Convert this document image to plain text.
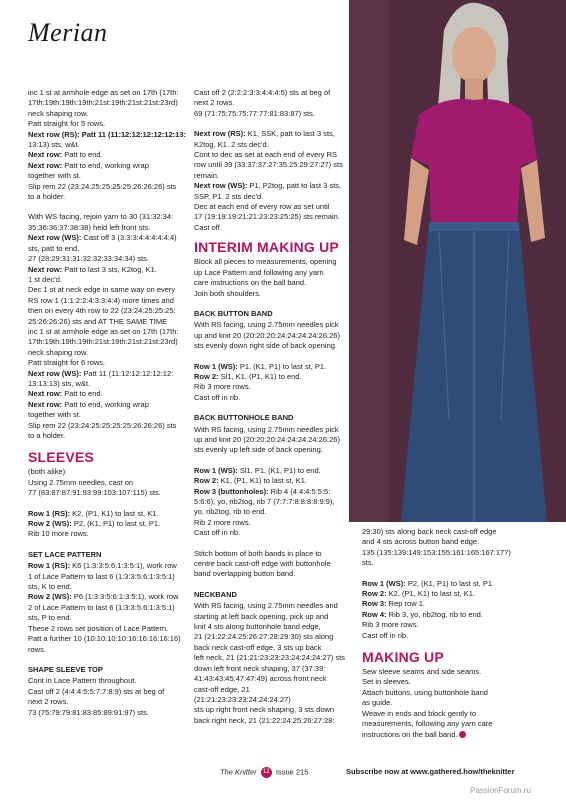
Merian

inc 1 st at armhole edge as set on 17th (17th:

17th:19th:19th:19th:21st:19th:21st:21st:23rd)

neck shaping row.

Patt straight for 5 rows.

Next row (RS): Patt 11 (11:12:12:12:12:12:13:

13:13) sts, w&t.

Next row: Patt to end.

Next row: Patt to end, working wrap

together with st.

Slip rem 22 (23:24:25:25:25:25:26:26:26) sts

to a holder.

With WS facing, rejoin yarn to 30 (31:32:34:

35:36:36:37:38:38) held left front sts.

Next row (WS): Cast off 3 (3:3:3:4:4:4:4:4:4)

sts, patt to end.

27 (28:29:31:31:32:32:33:34:34) sts.

Next row: Patt to last 3 sts, K2tog, K1.

1 st dec'd.

Dec 1 st at neck edge in same way on every

RS row 1 (1:1:2:2:4:3:3:4:4) more times and

then on every 4th row to 22 (23:24:25:25:25:

25:26:26:26) sts and AT THE SAME TIME

inc 1 st at armhole edge as set on 17th (17th:

17th:19th:19th:19th:21st:19th:21st:21st:23rd)

neck shaping row.

Patt straight for 6 rows.

Next row (WS): Patt 11 (11:12:12:12:12:12:

13:13:13) sts, w&t.

Next row: Patt to end.

Next row: Patt to end, working wrap

together with st.

Slip rem 22 (23:24:25:25:25:25:26:26:26) sts

to a holder.

SLEEVES

(both alike)

Using 2.75mm needles, cast on

77 (83:87:87:91:93:99:103:107:115) sts.

Row 1 (RS): K2, (P1, K1) to last st, K1.

Row 2 (WS): P2, (K1, P1) to last st, P1.

Rib 10 more rows.

SET LACE PATTERN

Row 1 (RS): K6 (1:3:3:5:6:1:3:5:1), work row

1 of Lace Pattern to last 6 (1:3:3:5:6:1:3:5:1)

sts, K to end.

Row 2 (WS): P6 (1:3:3:5:6:1:3:5:1), work row

2 of Lace Pattern to last 6 (1:3:3:5:6:1:3:5:1)

sts, P to end.

These 2 rows set position of Lace Pattern.

Patt a further 10 (10:10:10:10:16:16:16:16:16)

rows.

SHAPE SLEEVE TOP

Cont in Lace Pattern throughout.

Cast off 2 (4:4:4:5:5:7:7:8:9) sts at beg of

next 2 rows.

73 (75:79:79:81:83:85:89:91:97) sts.

Cast off 2 (2:2:2:3:3:4:4:4:5) sts at beg of

next 2 rows.

69 (71:75:75:75:77:77:81:83:87) sts.

Next row (RS): K1, SSK, patt to last 3 sts,

K2tog, K1. 2 sts dec'd.

Cont to dec as set at each end of every RS

row until 39 (33:37:37:27:35:25:29:27:27) sts

remain.

Next row (WS): P1, P2tog, patt to last 3 sts,

SSP, P1. 2 sts dec'd.

Dec at each end of every row as set until

17 (19:19:19:21:21:23:23:25:25) sts remain.

Cast off.

INTERIM MAKING UP

Block all pieces to measurements, opening

up Lace Pattern and following any yarn

care instructions on the ball band.

Join both shoulders.

BACK BUTTON BAND

With RS facing, using 2.75mm needles pick

up and knit 20 (20:20:20:24:24:24:24:26:26)

sts evenly down right side of back opening.

Row 1 (WS): P1, (K1, P1) to last st, P1.

Row 2: Sl1, K1, (P1, K1) to end.

Rib 3 more rows.

Cast off in rib.

BACK BUTTONHOLE BAND

With RS facing, using 2.75mm needles pick

up and knit 20 (20:20:20:24:24:24:24:26:26)

sts evenly up left side of back opening.

Row 1 (WS): Sl1, P1, (K1, P1) to end.

Row 2: K1, (P1, K1) to last st, K1.

Row 3 (buttonholes): Rib 4 (4:4:4:5:5:5:

5:6:6), yo, rib2tog, rib 7 (7:7:7:8:8:8:8:9:9),

yo, rib2tog, rib to end.

Rib 2 more rows.

Cast off in rib.

Stitch bottom of both bands in place to

centre back cast-off edge with buttonhole

band overlapping button band.

NECKBAND

With RS facing, using 2.75mm needles and

starting at left back opening, pick up and

knit 4 sts along buttonhole band edge,

21 (21:22:24:25:26:27:28:29:30) sts along

back neck cast-off edge, 3 sts up back

left neck, 21 (21:21:23:23:23:24:24:24:27) sts

down left front neck shaping, 37 (37:39:

41:43:43:45:47:47:49) across front neck

cast-off edge, 21 (21:21:23:23:23:24:24:24:27)

sts up right front neck shaping, 3 sts down

back right neck, 21 (21:22:24:25:26:27:28:

29:30) sts along back neck cast-off edge

and 4 sts across button band edge.

135 (135:139:149:153:155:161:165:167:177)

sts.

Row 1 (WS): P2, (K1, P1) to last st, P1.

Row 2: K2, (P1, K1) to last st, K1.

Row 3: Rep row 1.

Row 4: Rib 3, yo, rib2tog, rib to end.

Rib 3 more rows.

Cast off in rib.

MAKING UP

Sew sleeve seams and side seams.

Set in sleeves.

Attach buttons, using buttonhole band

as guide.

Weave in ends and block gently to

measurements, following any yarn care

instructions on the ball band.

The Knitter 12 Issue 215	Subscribe now at www.gathered.how/theknitter
PassionForum.ru
